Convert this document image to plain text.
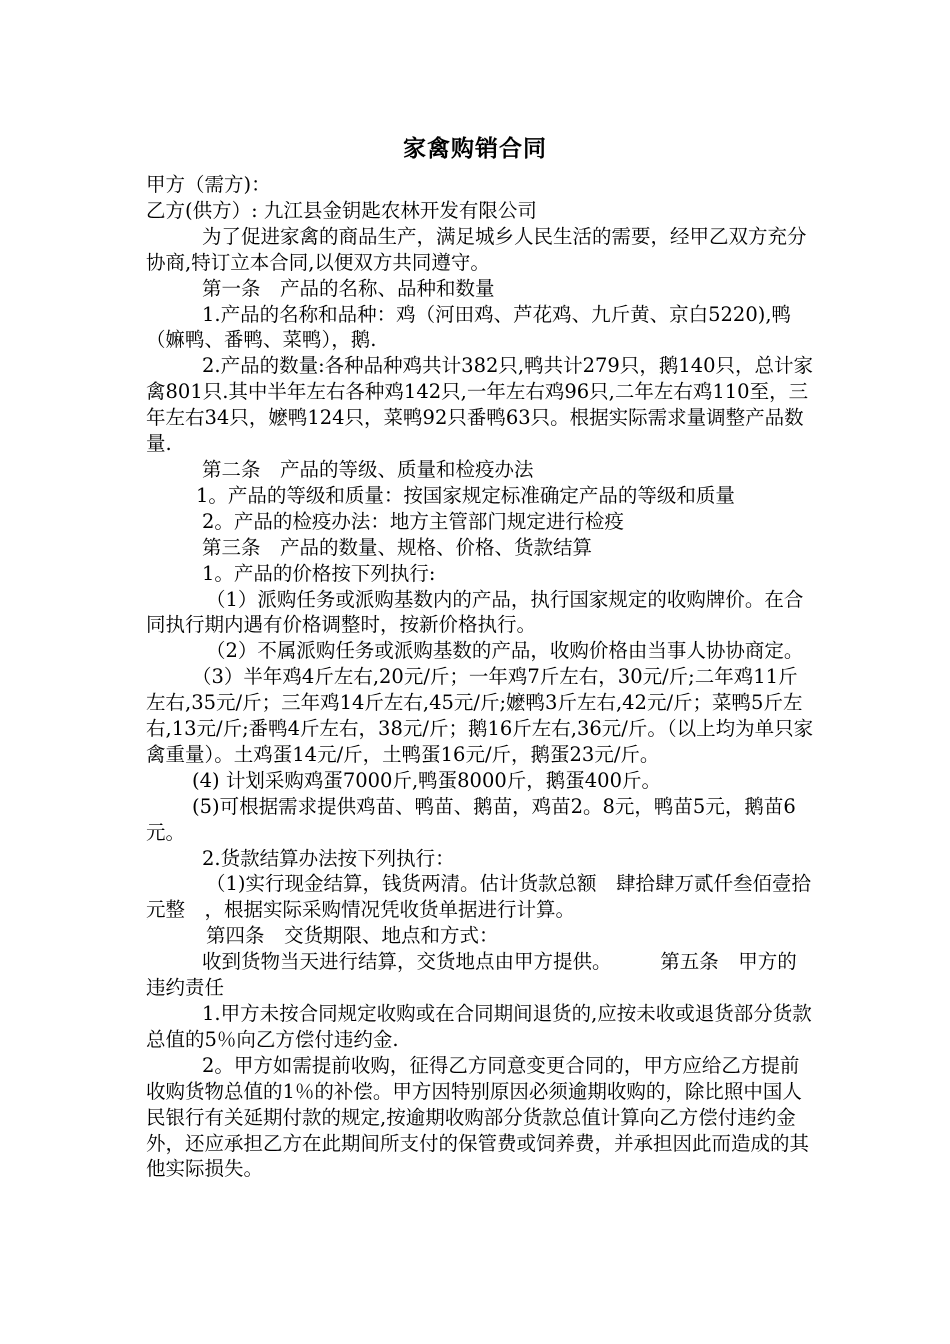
家禽购销合同

甲方（需方)：

乙方(供方）: 九江县金钥匙农林开发有限公司

为了促进家禽的商品生产，满足城乡人民生活的需要，经甲乙双方充分协商,特订立本合同,以便双方共同遵守。

第一条　产品的名称、品种和数量

1.产品的名称和品种：鸡（河田鸡、芦花鸡、九斤黄、京白5220),鸭（嫲鸭、番鸭、菜鸭），鹅.

2.产品的数量:各种品种鸡共计382只,鸭共计279只，鹅140只，总计家禽801只.其中半年左右各种鸡142只,一年左右鸡96只,二年左右鸡110至，三年左右34只，嬷鸭124只，菜鸭92只番鸭63只。根据实际需求量调整产品数量.

第二条　产品的等级、质量和检疫办法

1。产品的等级和质量：按国家规定标准确定产品的等级和质量

2。产品的检疫办法：地方主管部门规定进行检疫

第三条　产品的数量、规格、价格、货款结算

1。产品的价格按下列执行:

（1）派购任务或派购基数内的产品，执行国家规定的收购牌价。在合同执行期内遇有价格调整时，按新价格执行。

（2）不属派购任务或派购基数的产品，收购价格由当事人协协商定。

（3）半年鸡4斤左右,20元/斤；一年鸡7斤左右，30元/斤;二年鸡11斤左右,35元/斤；三年鸡14斤左右,45元/斤;嬷鸭3斤左右,42元/斤；菜鸭5斤左右,13元/斤;番鸭4斤左右，38元/斤；鹅16斤左右,36元/斤。（以上均为单只家禽重量）。土鸡蛋14元/斤，土鸭蛋16元/斤，鹅蛋23元/斤。

(4) 计划采购鸡蛋7000斤,鸭蛋8000斤，鹅蛋400斤。

(5)可根据需求提供鸡苗、鸭苗、鹅苗，鸡苗2。8元，鸭苗5元，鹅苗6元。

2.货款结算办法按下列执行：

（1)实行现金结算，钱货两清。估计货款总额　肆拾肆万贰仟叁佰壹拾元整　，根据实际采购情况凭收货单据进行计算。

第四条　交货期限、地点和方式：

收到货物当天进行结算，交货地点由甲方提供。　　　第五条　甲方的违约责任

1.甲方未按合同规定收购或在合同期间退货的,应按未收或退货部分货款总值的5％向乙方偿付违约金.

2。甲方如需提前收购，征得乙方同意变更合同的，甲方应给乙方提前收购货物总值的1％的补偿。甲方因特别原因必须逾期收购的，除比照中国人民银行有关延期付款的规定,按逾期收购部分货款总值计算向乙方偿付违约金外，还应承担乙方在此期间所支付的保管费或饲养费，并承担因此而造成的其他实际损失。
